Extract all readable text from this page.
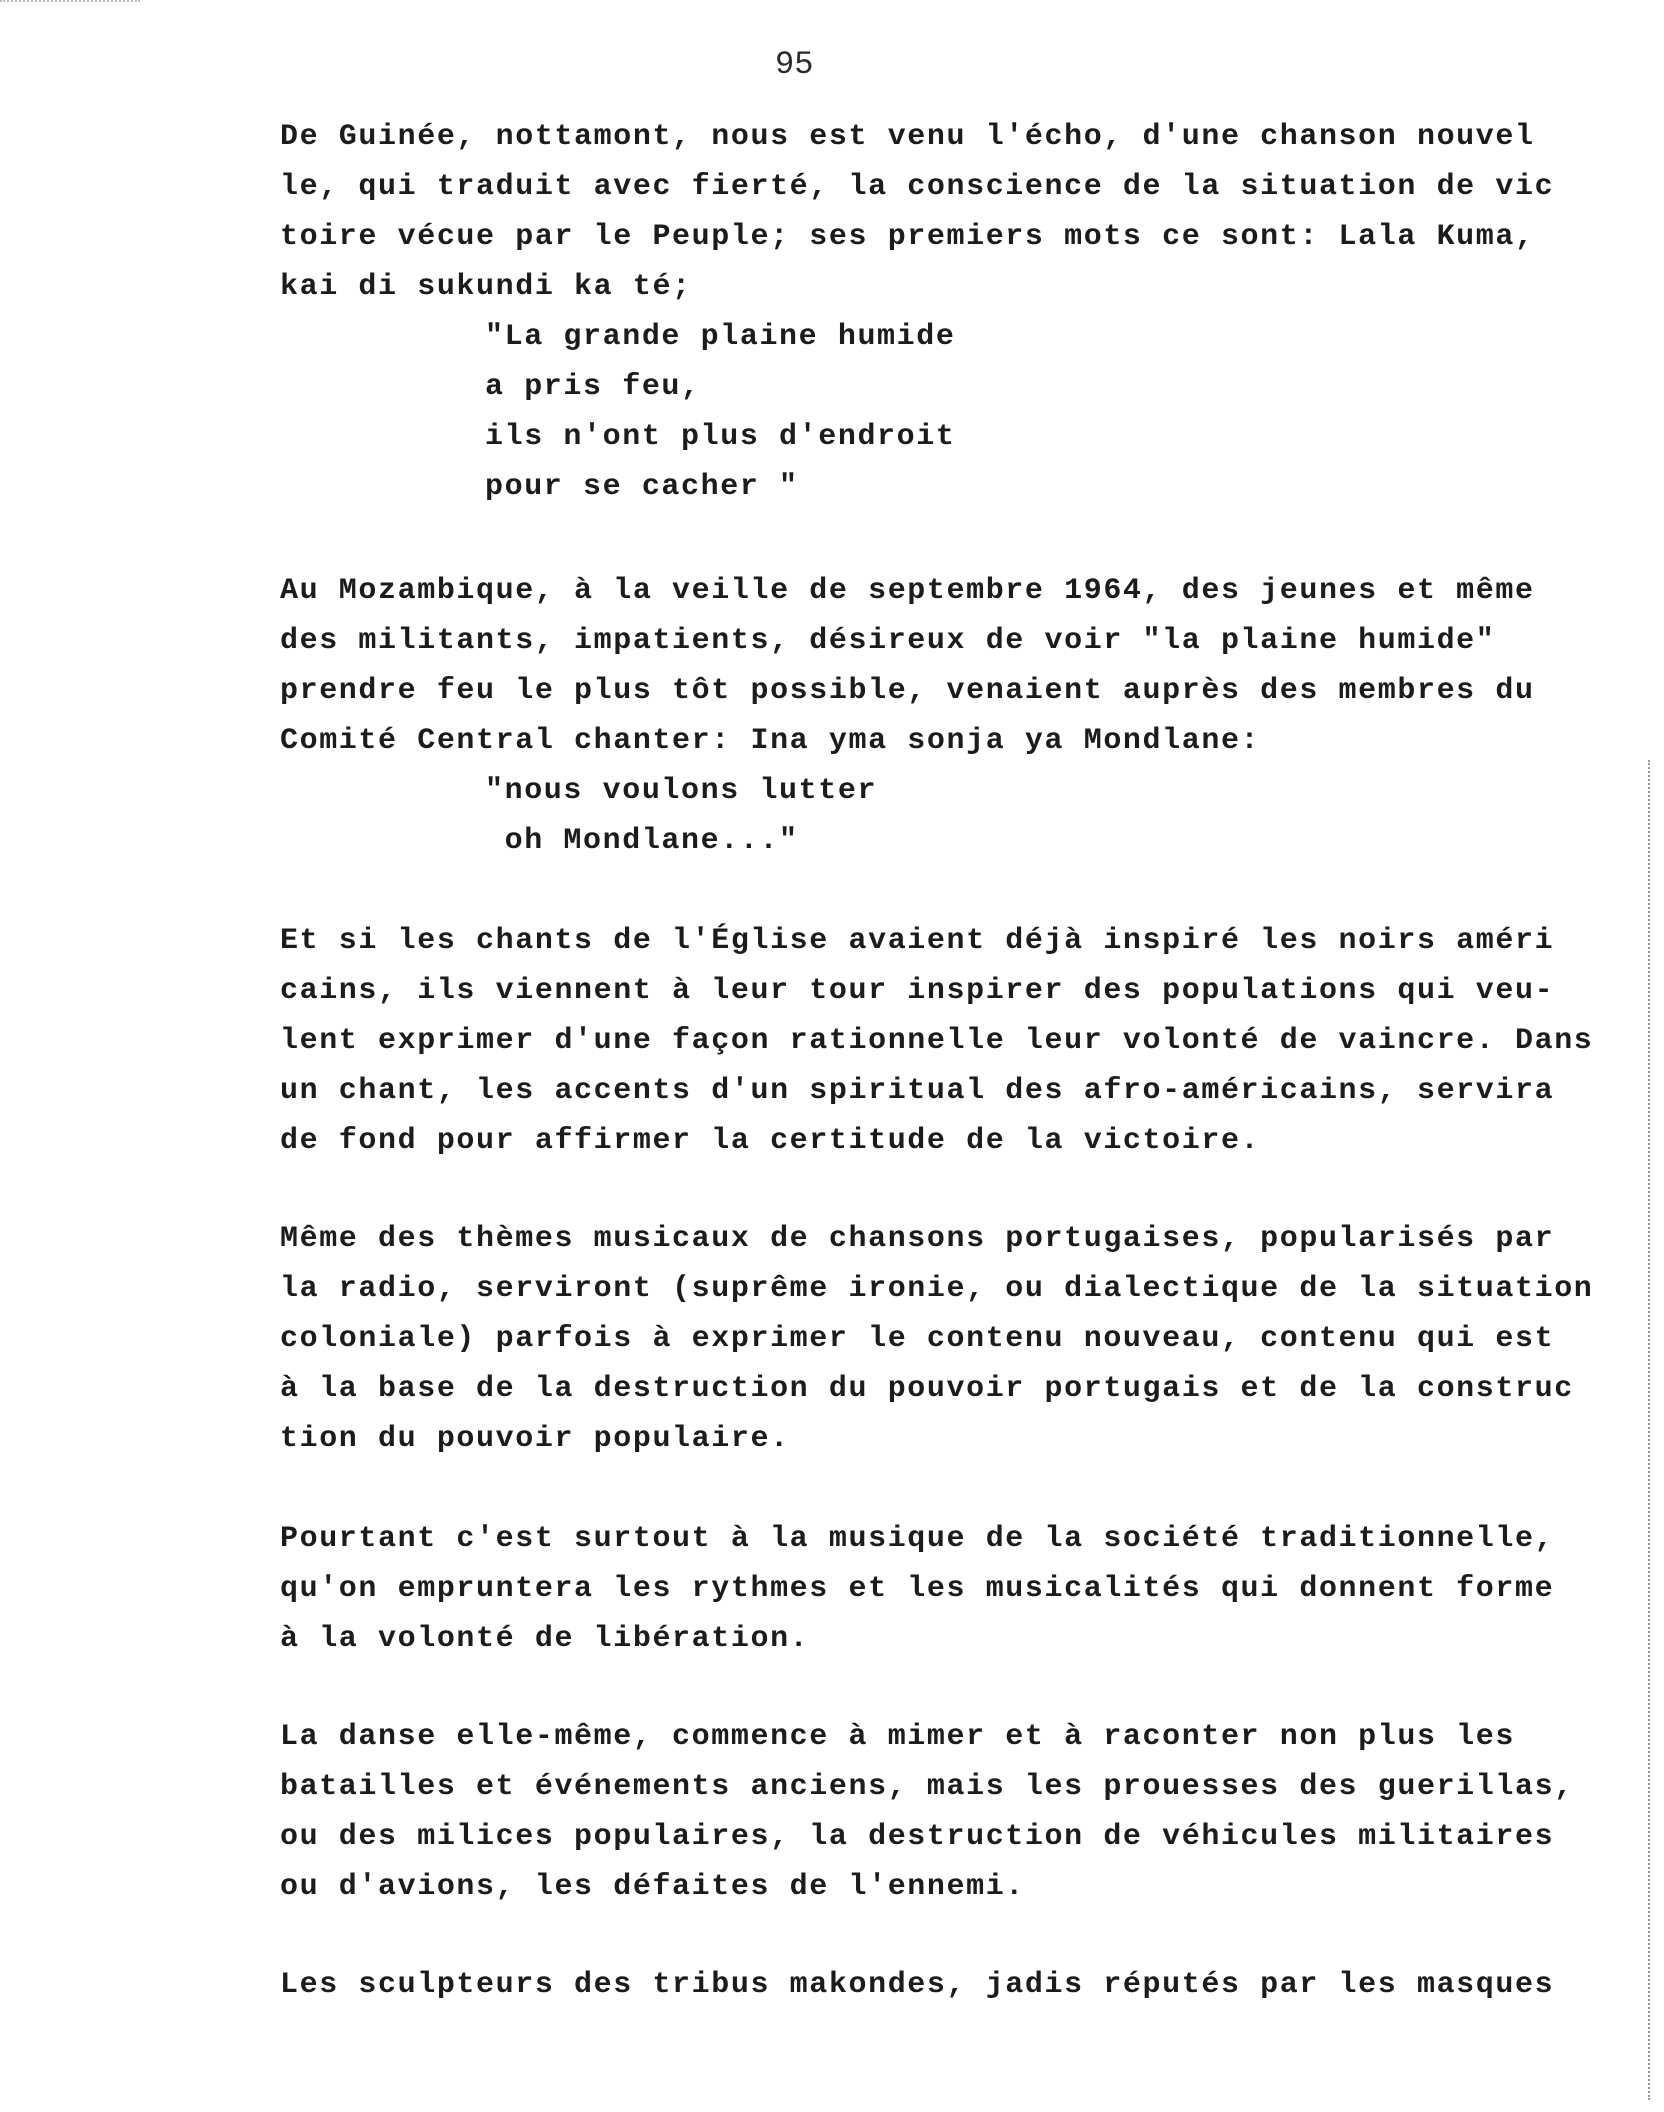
95
De Guinée, nottamont, nous est venu l'écho, d'une chanson nouvel
le, qui traduit avec fierté, la conscience de la situation de vic
toire vécue par le Peuple; ses premiers mots ce sont: Lala Kuma,
kai di sukundi ka té;
"La grande plaine humide
a pris feu,
ils n'ont plus d'endroit
pour se cacher "
Au Mozambique, à la veille de septembre 1964, des jeunes et même
des militants, impatients, désireux de voir "la plaine humide"
prendre feu le plus tôt possible, venaient auprès des membres du
Comité Central chanter: Ina yma sonja ya Mondlane:
"nous voulons lutter
oh Mondlane..."
Et si les chants de l'Église avaient déjà inspiré les noirs améri
cains, ils viennent à leur tour inspirer des populations qui veu-
lent exprimer d'une façon rationnelle leur volonté de vaincre. Dans
un chant, les accents d'un spiritual des afro-américains, servira
de fond pour affirmer la certitude de la victoire.
Même des thèmes musicaux de chansons portugaises, popularisés par
la radio, serviront (suprême ironie, ou dialectique de la situation
coloniale) parfois à exprimer le contenu nouveau, contenu qui est
à la base de la destruction du pouvoir portugais et de la construc
tion du pouvoir populaire.
Pourtant c'est surtout à la musique de la société traditionnelle,
qu'on empruntera les rythmes et les musicalités qui donnent forme
à la volonté de libération.
La danse elle-même, commence à mimer et à raconter non plus les
batailles et événements anciens, mais les prouesses des guerillas,
ou des milices populaires, la destruction de véhicules militaires
ou d'avions, les défaites de l'ennemi.
Les sculpteurs des tribus makondes, jadis réputés par les masques
